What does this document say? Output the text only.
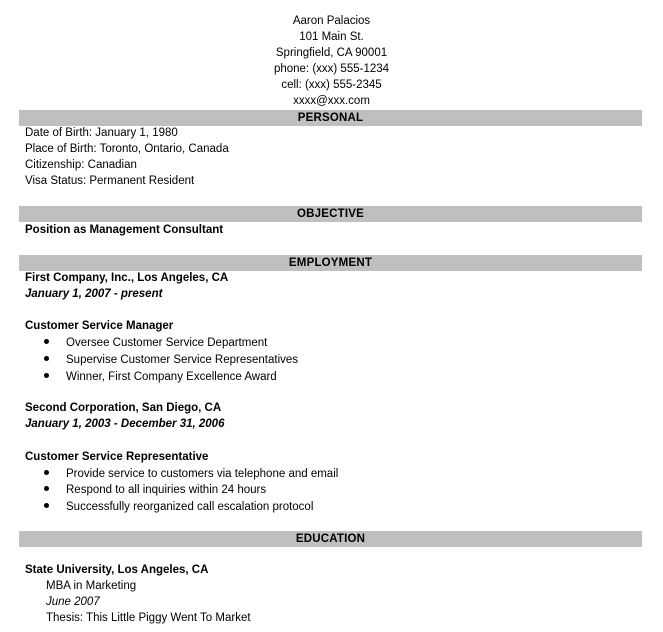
Aaron Palacios
101 Main St.
Springfield, CA 90001
phone: (xxx) 555-1234
cell: (xxx) 555-2345
xxxx@xxx.com
PERSONAL
Date of Birth: January 1, 1980
Place of Birth: Toronto, Ontario, Canada
Citizenship: Canadian
Visa Status: Permanent Resident
OBJECTIVE
Position as Management Consultant
EMPLOYMENT
First Company, Inc., Los Angeles, CA
January 1, 2007 - present
Customer Service Manager
Oversee Customer Service Department
Supervise Customer Service Representatives
Winner, First Company Excellence Award
Second Corporation, San Diego, CA
January 1, 2003 - December 31, 2006
Customer Service Representative
Provide service to customers via telephone and email
Respond to all inquiries within 24 hours
Successfully reorganized call escalation protocol
EDUCATION
State University, Los Angeles, CA
MBA in Marketing
June 2007
Thesis: This Little Piggy Went To Market
